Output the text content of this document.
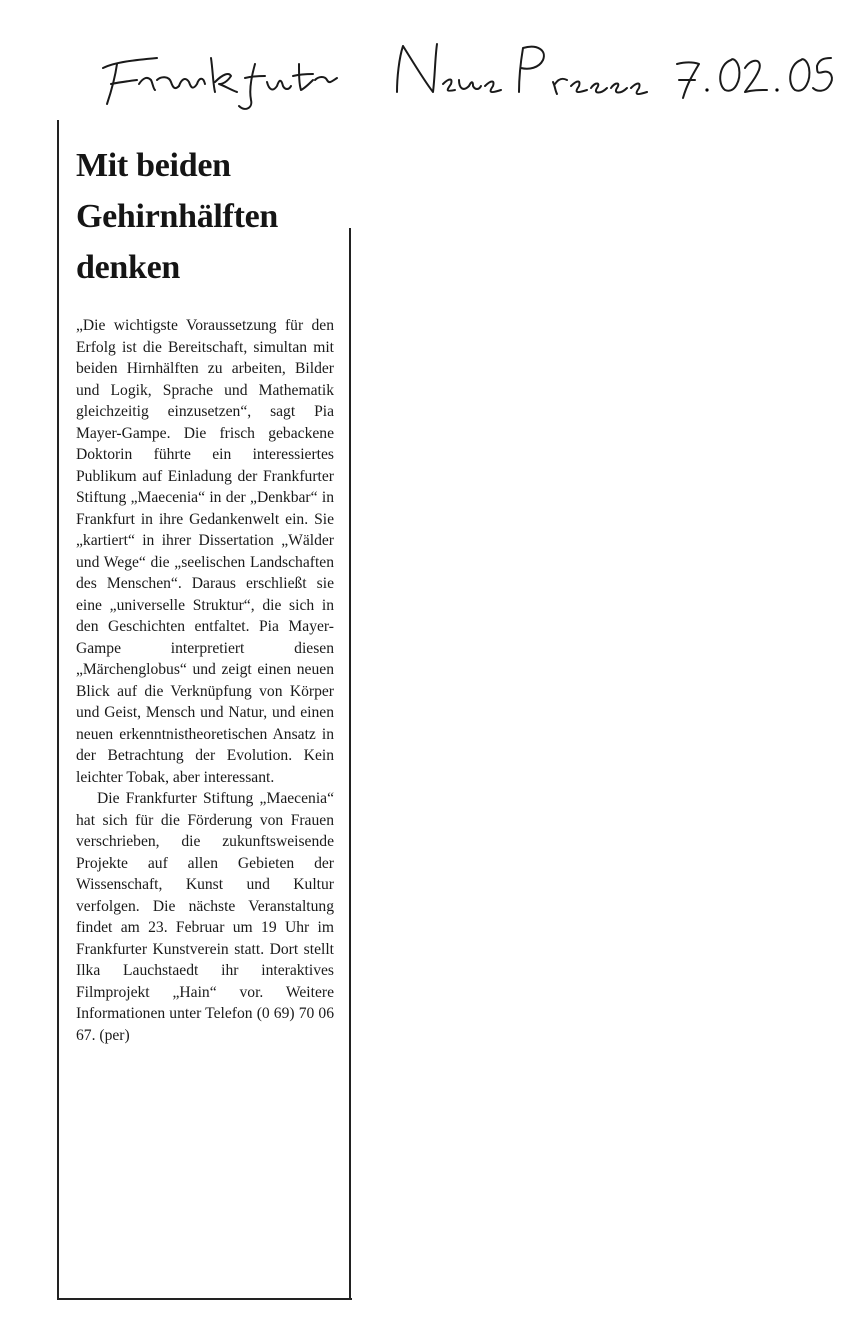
Mit beiden
Gehirnhälften
denken

„Die wichtigste Voraussetzung für den Erfolg ist die Bereitschaft, simultan mit beiden Hirnhälften zu arbeiten, Bilder und Logik, Sprache und Mathematik gleichzeitig einzusetzen“, sagt Pia Mayer-Gampe. Die frisch gebackene Doktorin führte ein interessiertes Publikum auf Einladung der Frankfurter Stiftung „Maecenia“ in der „Denkbar“ in Frankfurt in ihre Gedankenwelt ein. Sie „kartiert“ in ihrer Dissertation „Wälder und Wege“ die „seelischen Landschaften des Menschen“. Daraus erschließt sie eine „universelle Struktur“, die sich in den Geschichten entfaltet. Pia Mayer-Gampe interpretiert diesen „Märchenglobus“ und zeigt einen neuen Blick auf die Verknüpfung von Körper und Geist, Mensch und Natur, und einen neuen erkenntnistheoretischen Ansatz in der Betrachtung der Evolution. Kein leichter Tobak, aber interessant.

Die Frankfurter Stiftung „Maecenia“ hat sich für die Förderung von Frauen verschrieben, die zukunftsweisende Projekte auf allen Gebieten der Wissenschaft, Kunst und Kultur verfolgen. Die nächste Veranstaltung findet am 23. Februar um 19 Uhr im Frankfurter Kunstverein statt. Dort stellt Ilka Lauchstaedt ihr interaktives Filmprojekt „Hain“ vor. Weitere Informationen unter Telefon (0 69) 70 06 67. (per)
